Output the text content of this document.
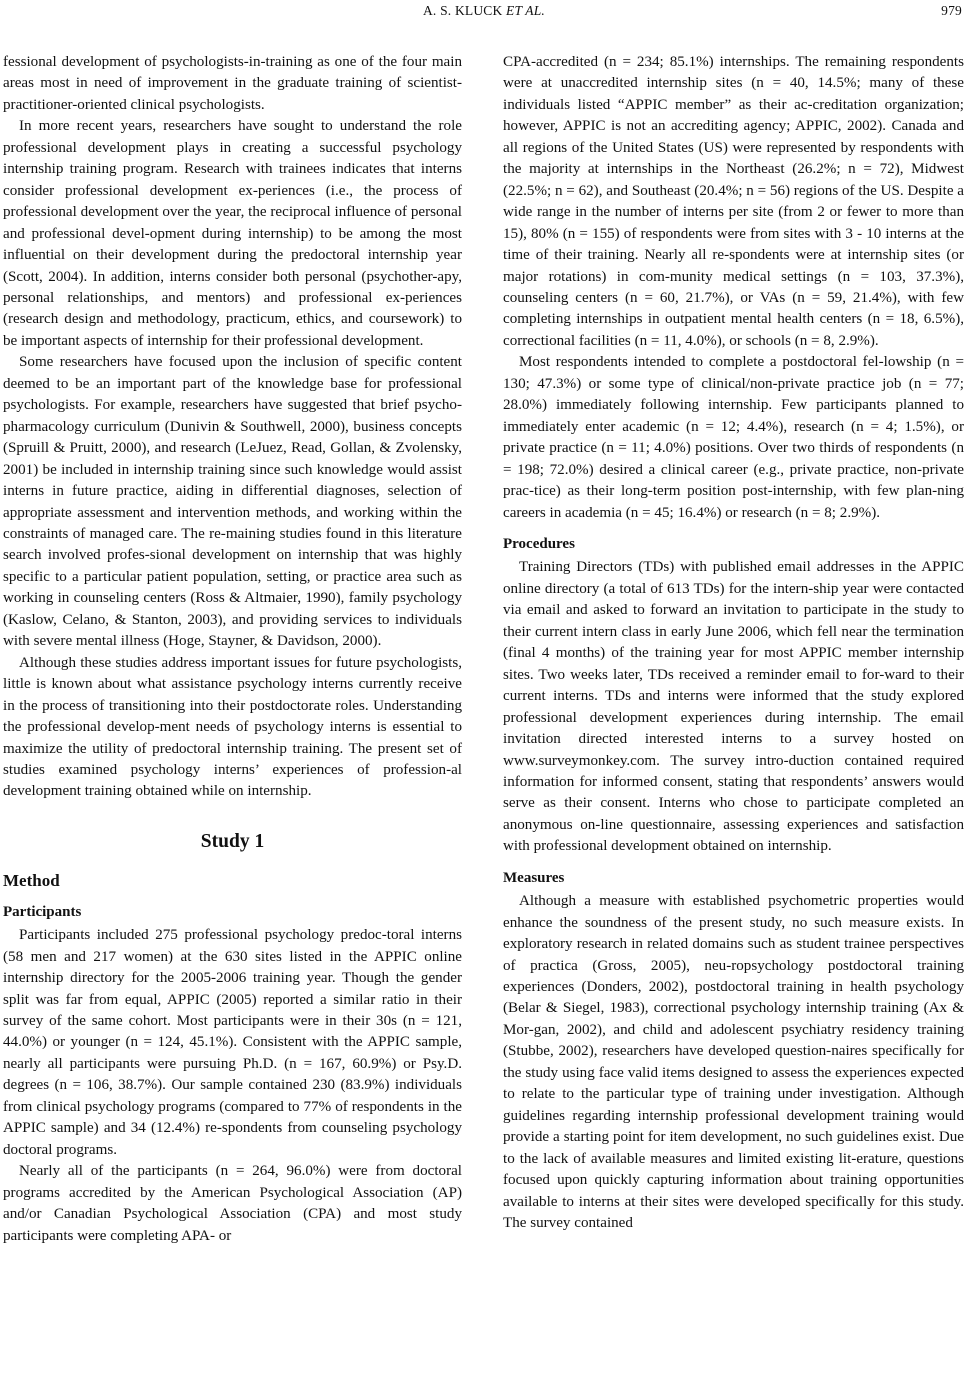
A. S. KLUCK ET AL.	979

fessional development of psychologists-in-training as one of the four main areas most in need of improvement in the graduate training of scientist-practitioner-oriented clinical psychologists.

In more recent years, researchers have sought to understand the role professional development plays in creating a successful psychology internship training program. Research with trainees indicates that interns consider professional development ex-periences (i.e., the process of professional development over the year, the reciprocal influence of personal and professional devel-opment during internship) to be among the most influential on their development during the predoctoral internship year (Scott, 2004). In addition, interns consider both personal (psychother-apy, personal relationships, and mentors) and professional ex-periences (research design and methodology, practicum, ethics, and coursework) to be important aspects of internship for their professional development.

Some researchers have focused upon the inclusion of specific content deemed to be an important part of the knowledge base for professional psychologists. For example, researchers have suggested that brief psycho-pharmacology curriculum (Dunivin & Southwell, 2000), business concepts (Spruill & Pruitt, 2000), and research (LeJuez, Read, Gollan, & Zvolensky, 2001) be included in internship training since such knowledge would assist interns in future practice, aiding in differential diagnoses, selection of appropriate assessment and intervention methods, and working within the constraints of managed care. The re-maining studies found in this literature search involved profes-sional development on internship that was highly specific to a particular patient population, setting, or practice area such as working in counseling centers (Ross & Altmaier, 1990), family psychology (Kaslow, Celano, & Stanton, 2003), and providing services to individuals with severe mental illness (Hoge, Stayner, & Davidson, 2000).

Although these studies address important issues for future psychologists, little is known about what assistance psychology interns currently receive in the process of transitioning into their postdoctorate roles. Understanding the professional develop-ment needs of psychology interns is essential to maximize the utility of predoctoral internship training. The present set of studies examined psychology interns’ experiences of profession-al development training obtained while on internship.

Study 1
Method
Participants

Participants included 275 professional psychology predoc-toral interns (58 men and 217 women) at the 630 sites listed in the APPIC online internship directory for the 2005-2006 training year. Though the gender split was far from equal, APPIC (2005) reported a similar ratio in their survey of the same cohort. Most participants were in their 30s (n = 121, 44.0%) or younger (n = 124, 45.1%). Consistent with the APPIC sample, nearly all participants were pursuing Ph.D. (n = 167, 60.9%) or Psy.D. degrees (n = 106, 38.7%). Our sample contained 230 (83.9%) individuals from clinical psychology programs (compared to 77% of respondents in the APPIC sample) and 34 (12.4%) re-spondents from counseling psychology doctoral programs.

Nearly all of the participants (n = 264, 96.0%) were from doctoral programs accredited by the American Psychological Association (AP) and/or Canadian Psychological Association (CPA) and most study participants were completing APA- or

CPA-accredited (n = 234; 85.1%) internships. The remaining respondents were at unaccredited internship sites (n = 40, 14.5%; many of these individuals listed “APPIC member” as their ac-creditation organization; however, APPIC is not an accrediting agency; APPIC, 2002). Canada and all regions of the United States (US) were represented by respondents with the majority at internships in the Northeast (26.2%; n = 72), Midwest (22.5%; n = 62), and Southeast (20.4%; n = 56) regions of the US. Despite a wide range in the number of interns per site (from 2 or fewer to more than 15), 80% (n = 155) of respondents were from sites with 3 - 10 interns at the time of their training. Nearly all re-spondents were at internship sites (or major rotations) in com-munity medical settings (n = 103, 37.3%), counseling centers (n = 60, 21.7%), or VAs (n = 59, 21.4%), with few completing internships in outpatient mental health centers (n = 18, 6.5%), correctional facilities (n = 11, 4.0%), or schools (n = 8, 2.9%).

Most respondents intended to complete a postdoctoral fel-lowship (n = 130; 47.3%) or some type of clinical/non-private practice job (n = 77; 28.0%) immediately following internship. Few participants planned to immediately enter academic (n = 12; 4.4%), research (n = 4; 1.5%), or private practice (n = 11; 4.0%) positions. Over two thirds of respondents (n = 198; 72.0%) desired a clinical career (e.g., private practice, non-private prac-tice) as their long-term position post-internship, with few plan-ning careers in academia (n = 45; 16.4%) or research (n = 8; 2.9%).

Procedures

Training Directors (TDs) with published email addresses in the APPIC online directory (a total of 613 TDs) for the intern-ship year were contacted via email and asked to forward an invitation to participate in the study to their current intern class in early June 2006, which fell near the termination (final 4 months) of the training year for most APPIC member internship sites. Two weeks later, TDs received a reminder email to for-ward to their current interns. TDs and interns were informed that the study explored professional development experiences during internship. The email invitation directed interested interns to a survey hosted on www.surveymonkey.com. The survey intro-duction contained required information for informed consent, stating that respondents’ answers would serve as their consent. Interns who chose to participate completed an anonymous on-line questionnaire, assessing experiences and satisfaction with professional development obtained on internship.

Measures

Although a measure with established psychometric properties would enhance the soundness of the present study, no such measure exists. In exploratory research in related domains such as student trainee perspectives of practica (Gross, 2005), neu-ropsychology postdoctoral training experiences (Donders, 2002), postdoctoral training in health psychology (Belar & Siegel, 1983), correctional psychology internship training (Ax & Mor-gan, 2002), and child and adolescent psychiatry residency training (Stubbe, 2002), researchers have developed question-naires specifically for the study using face valid items designed to assess the experiences expected to relate to the particular type of training under investigation. Although guidelines regarding internship professional development training would provide a starting point for item development, no such guidelines exist. Due to the lack of available measures and limited existing lit-erature, questions focused upon quickly capturing information about training opportunities available to interns at their sites were developed specifically for this study. The survey contained
